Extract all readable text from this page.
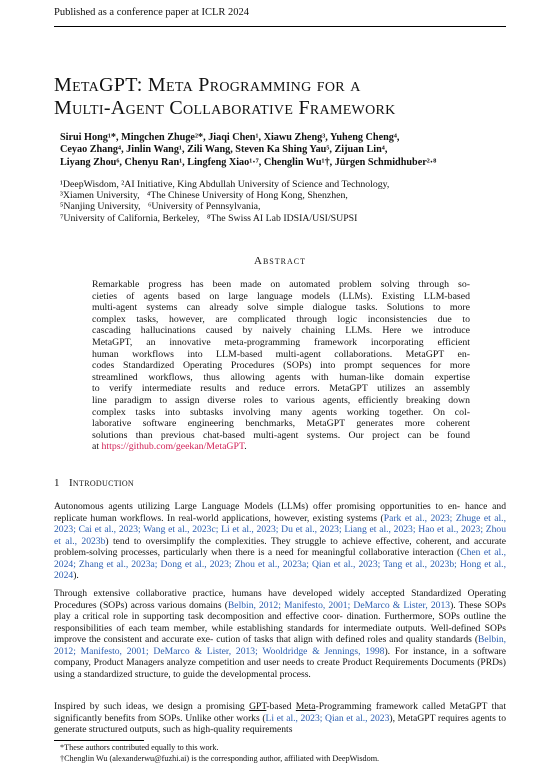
Published as a conference paper at ICLR 2024
MetaGPT: Meta Programming for a
Multi-Agent Collaborative Framework
Sirui Hong¹*, Mingchen Zhuge²*, Jiaqi Chen¹, Xiawu Zheng³, Yuheng Cheng⁴,
Ceyao Zhang⁴, Jinlin Wang¹, Zili Wang, Steven Ka Shing Yau⁵, Zijuan Lin⁴,
Liyang Zhou⁶, Chenyu Ran¹, Lingfeng Xiao¹·⁷, Chenglin Wu¹†, Jürgen Schmidhuber²·⁸
¹DeepWisdom, ²AI Initiative, King Abdullah University of Science and Technology,
³Xiamen University,   ⁴The Chinese University of Hong Kong, Shenzhen,
⁵Nanjing University,   ⁶University of Pennsylvania,
⁷University of California, Berkeley,   ⁸The Swiss AI Lab IDSIA/USI/SUPSI
Abstract
Remarkable progress has been made on automated problem solving through so-
cieties of agents based on large language models (LLMs). Existing LLM-based
multi-agent systems can already solve simple dialogue tasks. Solutions to more
complex tasks, however, are complicated through logic inconsistencies due to
cascading hallucinations caused by naively chaining LLMs. Here we introduce
MetaGPT, an innovative meta-programming framework incorporating efficient
human workflows into LLM-based multi-agent collaborations. MetaGPT en-
codes Standardized Operating Procedures (SOPs) into prompt sequences for more
streamlined workflows, thus allowing agents with human-like domain expertise
to verify intermediate results and reduce errors. MetaGPT utilizes an assembly
line paradigm to assign diverse roles to various agents, efficiently breaking down
complex tasks into subtasks involving many agents working together. On col-
laborative software engineering benchmarks, MetaGPT generates more coherent
solutions than previous chat-based multi-agent systems. Our project can be found
at https://github.com/geekan/MetaGPT.
1 Introduction
Autonomous agents utilizing Large Language Models (LLMs) offer promising opportunities to en- hance and replicate human workflows. In real-world applications, however, existing systems (Park et al., 2023; Zhuge et al., 2023; Cai et al., 2023; Wang et al., 2023c; Li et al., 2023; Du et al., 2023; Liang et al., 2023; Hao et al., 2023; Zhou et al., 2023b) tend to oversimplify the complexities. They struggle to achieve effective, coherent, and accurate problem-solving processes, particularly when there is a need for meaningful collaborative interaction (Chen et al., 2024; Zhang et al., 2023a; Dong et al., 2023; Zhou et al., 2023a; Qian et al., 2023; Tang et al., 2023b; Hong et al., 2024).
Through extensive collaborative practice, humans have developed widely accepted Standardized Operating Procedures (SOPs) across various domains (Belbin, 2012; Manifesto, 2001; DeMarco & Lister, 2013). These SOPs play a critical role in supporting task decomposition and effective coor- dination. Furthermore, SOPs outline the responsibilities of each team member, while establishing standards for intermediate outputs. Well-defined SOPs improve the consistent and accurate exe- cution of tasks that align with defined roles and quality standards (Belbin, 2012; Manifesto, 2001; DeMarco & Lister, 2013; Wooldridge & Jennings, 1998). For instance, in a software company, Product Managers analyze competition and user needs to create Product Requirements Documents (PRDs) using a standardized structure, to guide the developmental process.
Inspired by such ideas, we design a promising GPT-based Meta-Programming framework called MetaGPT that significantly benefits from SOPs. Unlike other works (Li et al., 2023; Qian et al., 2023), MetaGPT requires agents to generate structured outputs, such as high-quality requirements
*These authors contributed equally to this work.
†Chenglin Wu (alexanderwu@fuzhi.ai) is the corresponding author, affiliated with DeepWisdom.
